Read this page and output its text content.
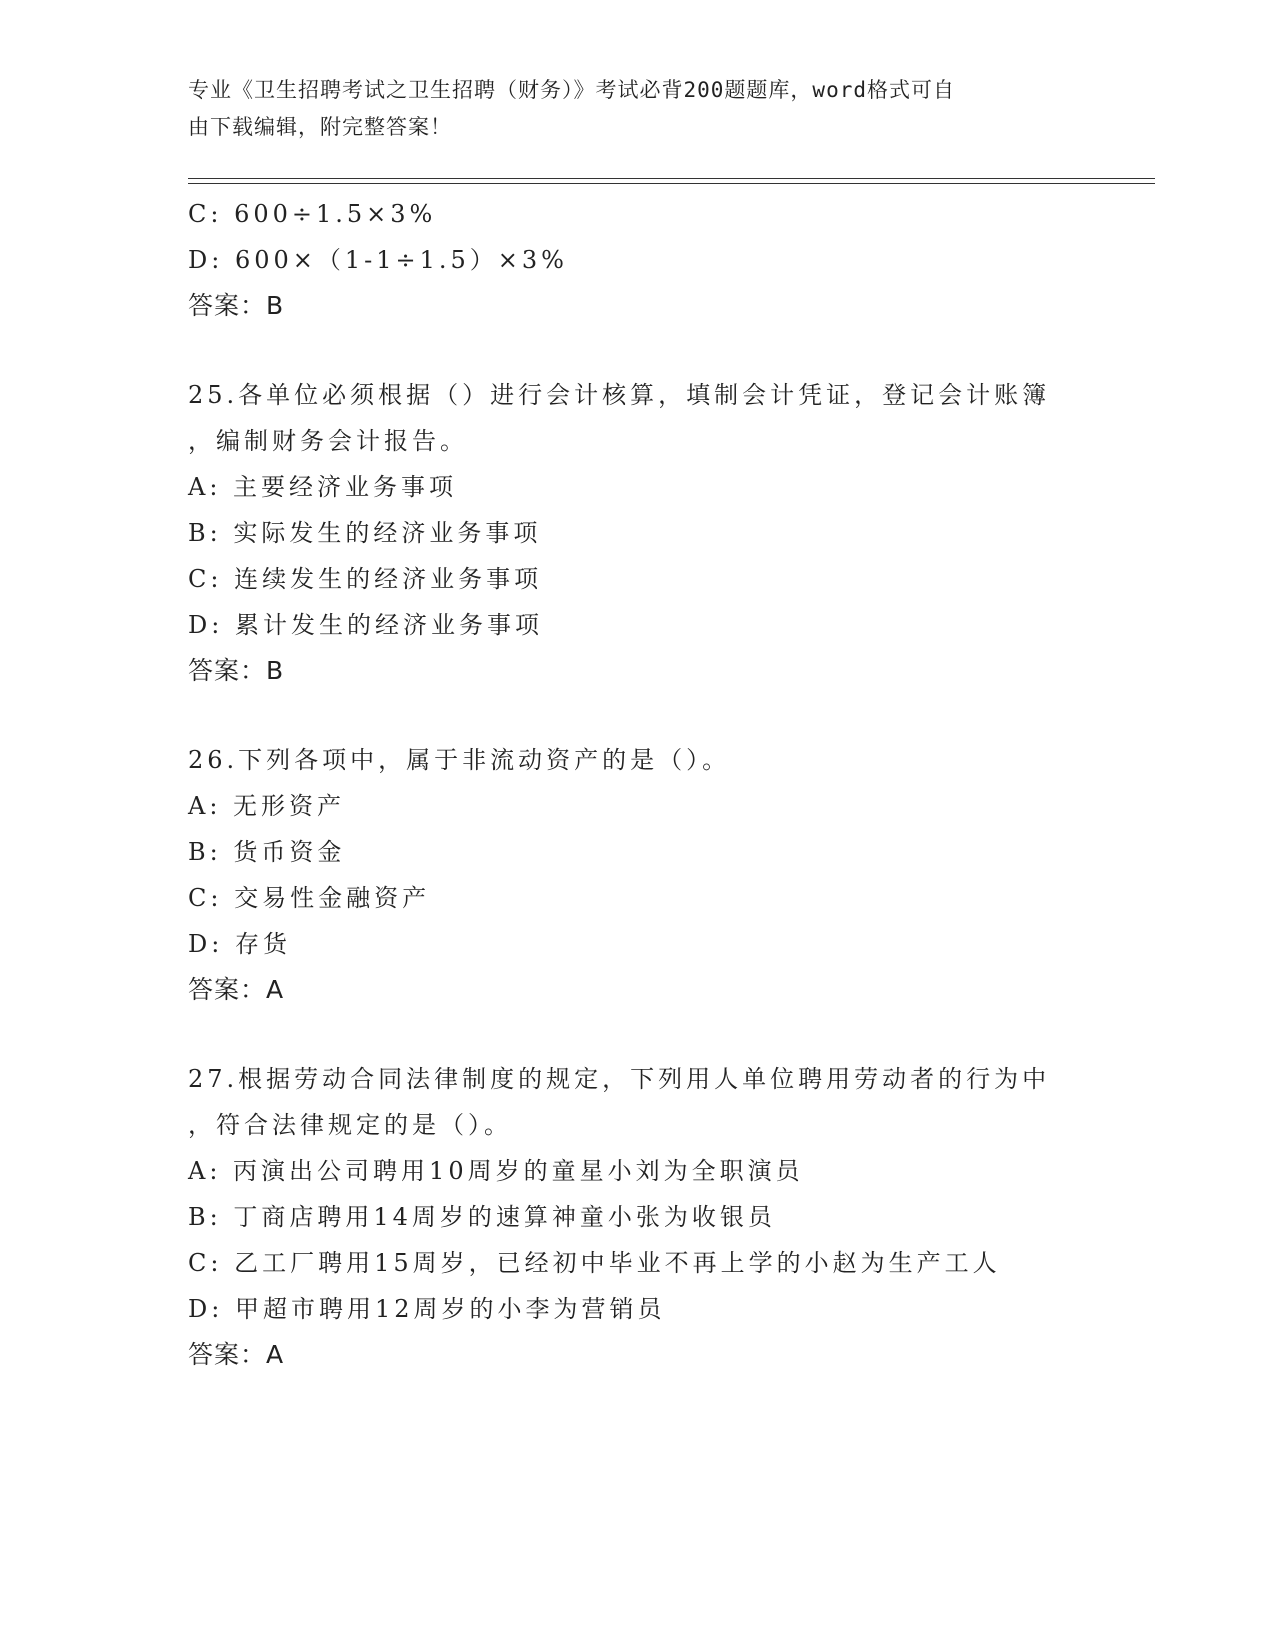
专业《卫生招聘考试之卫生招聘（财务）》考试必背200题题库，word格式可自
由下载编辑，附完整答案！
C: 600÷1.5×3%
D: 600×（1-1÷1.5）×3%
答案：B
25.各单位必须根据（）进行会计核算，填制会计凭证，登记会计账簿
，编制财务会计报告。
A: 主要经济业务事项
B: 实际发生的经济业务事项
C: 连续发生的经济业务事项
D: 累计发生的经济业务事项
答案：B
26.下列各项中，属于非流动资产的是（）。
A: 无形资产
B: 货币资金
C: 交易性金融资产
D: 存货
答案：A
27.根据劳动合同法律制度的规定，下列用人单位聘用劳动者的行为中
，符合法律规定的是（）。
A: 丙演出公司聘用10周岁的童星小刘为全职演员
B: 丁商店聘用14周岁的速算神童小张为收银员
C: 乙工厂聘用15周岁，已经初中毕业不再上学的小赵为生产工人
D: 甲超市聘用12周岁的小李为营销员
答案：A
